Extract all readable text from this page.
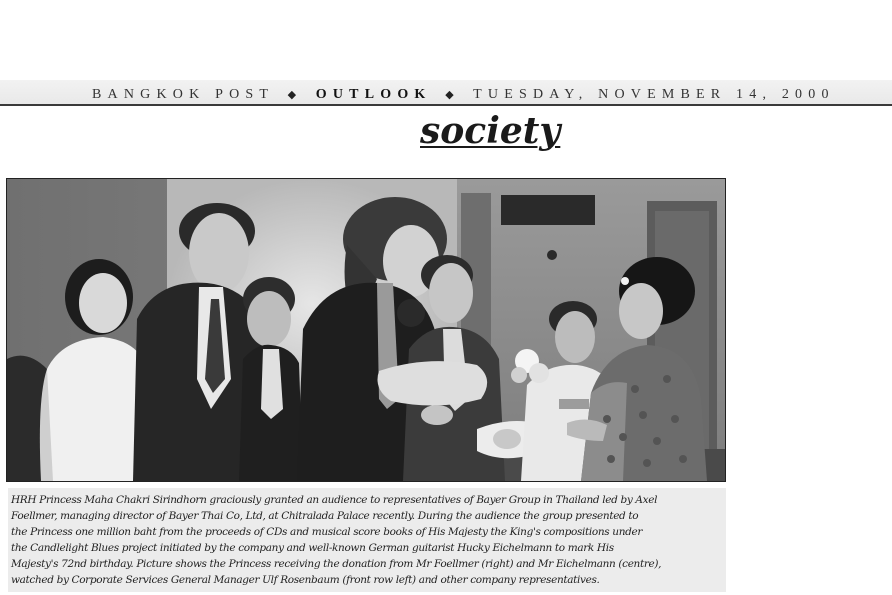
BANGKOK POST ◆ OUTLOOK ◆ TUESDAY, NOVEMBER 14, 2000
society
HRH Princess Maha Chakri Sirindhorn graciously granted an audience to representatives of Bayer Group in Thailand led by Axel
Foellmer, managing director of Bayer Thai Co, Ltd, at Chitralada Palace recently. During the audience the group presented to
the Princess one million baht from the proceeds of CDs and musical score books of His Majesty the King's compositions under
the Candlelight Blues project initiated by the company and well-known German guitarist Hucky Eichelmann to mark His
Majesty's 72nd birthday. Picture shows the Princess receiving the donation from Mr Foellmer (right) and Mr Eichelmann (centre),
watched by Corporate Services General Manager Ulf Rosenbaum (front row left) and other company representatives.
